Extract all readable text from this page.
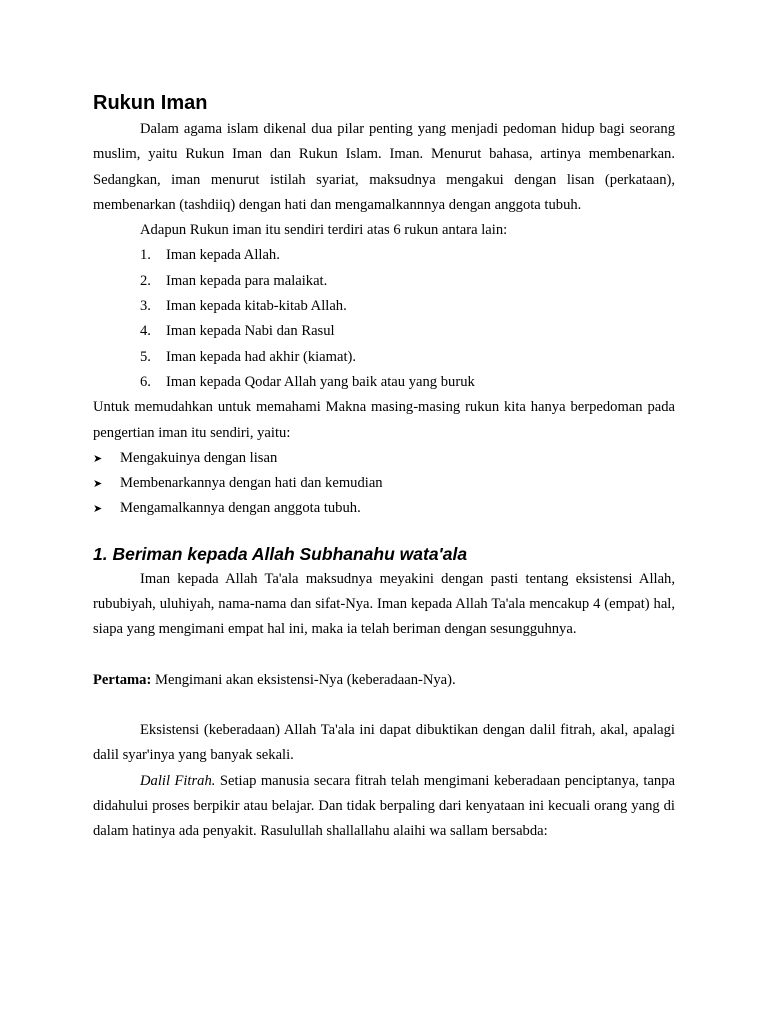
Rukun Iman

Dalam agama islam dikenal dua pilar penting yang menjadi pedoman hidup bagi seorang muslim, yaitu Rukun Iman dan Rukun Islam. Iman. Menurut bahasa, artinya membenarkan. Sedangkan, iman menurut istilah syariat, maksudnya mengakui dengan lisan (perkataan), membenarkan (tashdiiq) dengan hati dan mengamalkannnya dengan anggota tubuh.

Adapun Rukun iman itu sendiri terdiri atas 6 rukun antara lain:

1.	Iman kepada Allah.
2.	Iman kepada para malaikat.
3.	Iman kepada kitab-kitab Allah.
4.	Iman kepada Nabi dan Rasul
5.	Iman kepada had akhir (kiamat).
6.	Iman kepada Qodar Allah yang baik atau yang buruk

Untuk memudahkan untuk memahami Makna masing-masing rukun kita hanya berpedoman pada pengertian iman itu sendiri, yaitu:

➤	Mengakuinya dengan lisan
➤	Membenarkannya dengan hati dan kemudian
➤	Mengamalkannya dengan anggota tubuh.
1. Beriman kepada Allah Subhanahu wata'ala

Iman kepada Allah Ta'ala maksudnya meyakini dengan pasti tentang eksistensi Allah, rububiyah, uluhiyah, nama-nama dan sifat-Nya. Iman kepada Allah Ta'ala mencakup 4 (empat) hal, siapa yang mengimani empat hal ini, maka ia telah beriman dengan sesungguhnya.

Pertama: Mengimani akan eksistensi-Nya (keberadaan-Nya).

Eksistensi (keberadaan) Allah Ta'ala ini dapat dibuktikan dengan dalil fitrah, akal, apalagi dalil syar'inya yang banyak sekali.

Dalil Fitrah. Setiap manusia secara fitrah telah mengimani keberadaan penciptanya, tanpa didahului proses berpikir atau belajar. Dan tidak berpaling dari kenyataan ini kecuali orang yang di dalam hatinya ada penyakit. Rasulullah shallallahu alaihi wa sallam bersabda:
